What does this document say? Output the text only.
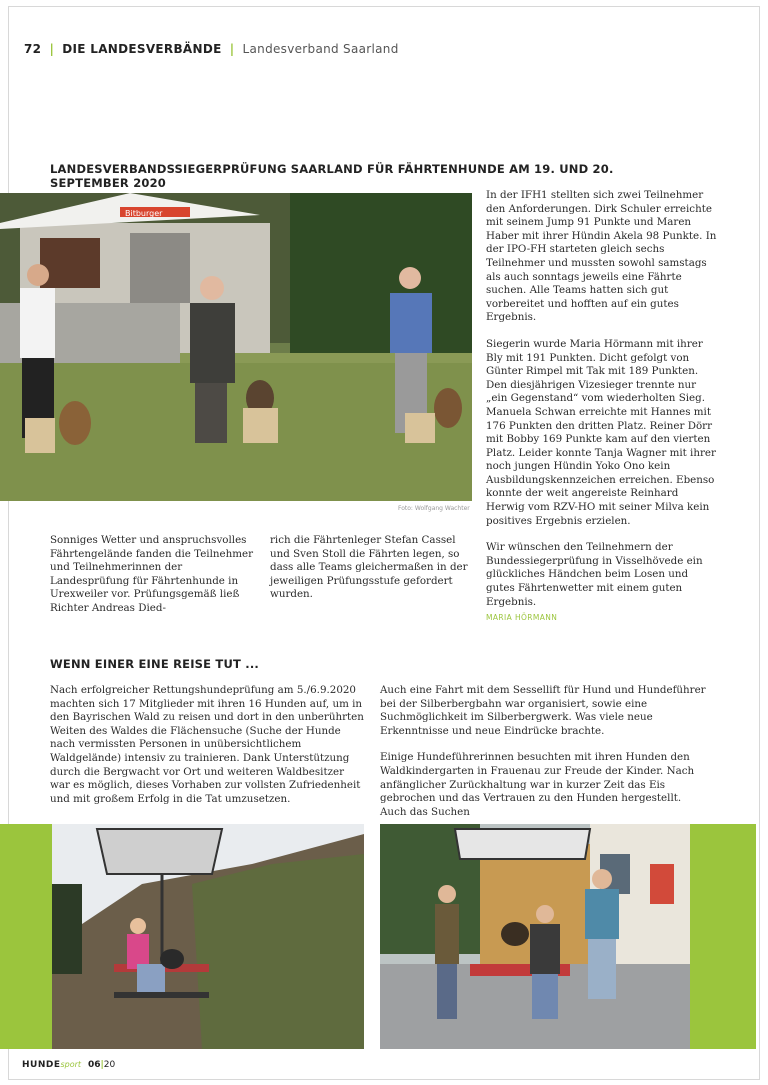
72 | DIE LANDESVERBÄNDE | Landesverband Saarland
LANDESVERBANDSSIEGERPRÜFUNG SAARLAND FÜR FÄHRTENHUNDE AM 19. UND 20. SEPTEMBER 2020
Bitburger
Foto: Wolfgang Wachter

Sonniges Wetter und anspruchsvolles Fährtengelände fanden die Teilnehmer und Teilnehmerinnen der Landesprüfung für Fährtenhunde in Urexweiler vor. Prüfungsgemäß ließ Richter Andreas Died-

rich die Fährtenleger Stefan Cassel und Sven Stoll die Fährten legen, so dass alle Teams gleichermaßen in der jeweiligen Prüfungsstufe gefordert wurden.

In der IFH1 stellten sich zwei Teilnehmer den Anforderungen. Dirk Schuler erreichte mit seinem Jump 91 Punkte und Maren Haber mit ihrer Hündin Akela 98 Punkte. In der IPO-FH starteten gleich sechs Teilnehmer und mussten sowohl samstags als auch sonntags jeweils eine Fährte suchen. Alle Teams hatten sich gut vorbereitet und hofften auf ein gutes Ergebnis.

Siegerin wurde Maria Hörmann mit ihrer Bly mit 191 Punkten. Dicht gefolgt von Günter Rimpel mit Tak mit 189 Punkten. Den diesjährigen Vizesieger trennte nur „ein Gegenstand“ vom wiederholten Sieg. Manuela Schwan erreichte mit Hannes mit 176 Punkten den dritten Platz. Reiner Dörr mit Bobby 169 Punkte kam auf den vierten Platz. Leider konnte Tanja Wagner mit ihrer noch jungen Hündin Yoko Ono kein Ausbildungskennzeichen erreichen. Ebenso konnte der weit angereiste Reinhard Herwig vom RZV-HO mit seiner Milva kein positives Ergebnis erzielen.

Wir wünschen den Teilnehmern der Bundessiegerprüfung in Visselhövede ein glückliches Händchen beim Losen und gutes Fährtenwetter mit einem guten Ergebnis.

MARIA HÖRMANN
WENN EINER EINE REISE TUT ...

Nach erfolgreicher Rettungshundeprüfung am 5./6.9.2020 machten sich 17 Mitglieder mit ihren 16 Hunden auf, um in den Bayrischen Wald zu reisen und dort in den unberührten Weiten des Waldes die Flächensuche (Suche der Hunde nach vermissten Personen in unübersichtlichem Waldgelände) intensiv zu trainieren. Dank Unterstützung durch die Bergwacht vor Ort und weiteren Waldbesitzer war es möglich, dieses Vorhaben zur vollsten Zufriedenheit und mit großem Erfolg in die Tat umzusetzen.

Auch eine Fahrt mit dem Sessellift für Hund und Hundeführer bei der Silberbergbahn war organisiert, sowie eine Suchmöglichkeit im Silberbergwerk. Was viele neue Erkenntnisse und neue Eindrücke brachte.

Einige Hundeführerinnen besuchten mit ihren Hunden den Waldkindergarten in Frauenau zur Freude der Kinder. Nach anfänglicher Zurückhaltung war in kurzer Zeit das Eis gebrochen und das Vertrauen zu den Hunden hergestellt. Auch das Suchen

HUNDEsport 06|20
